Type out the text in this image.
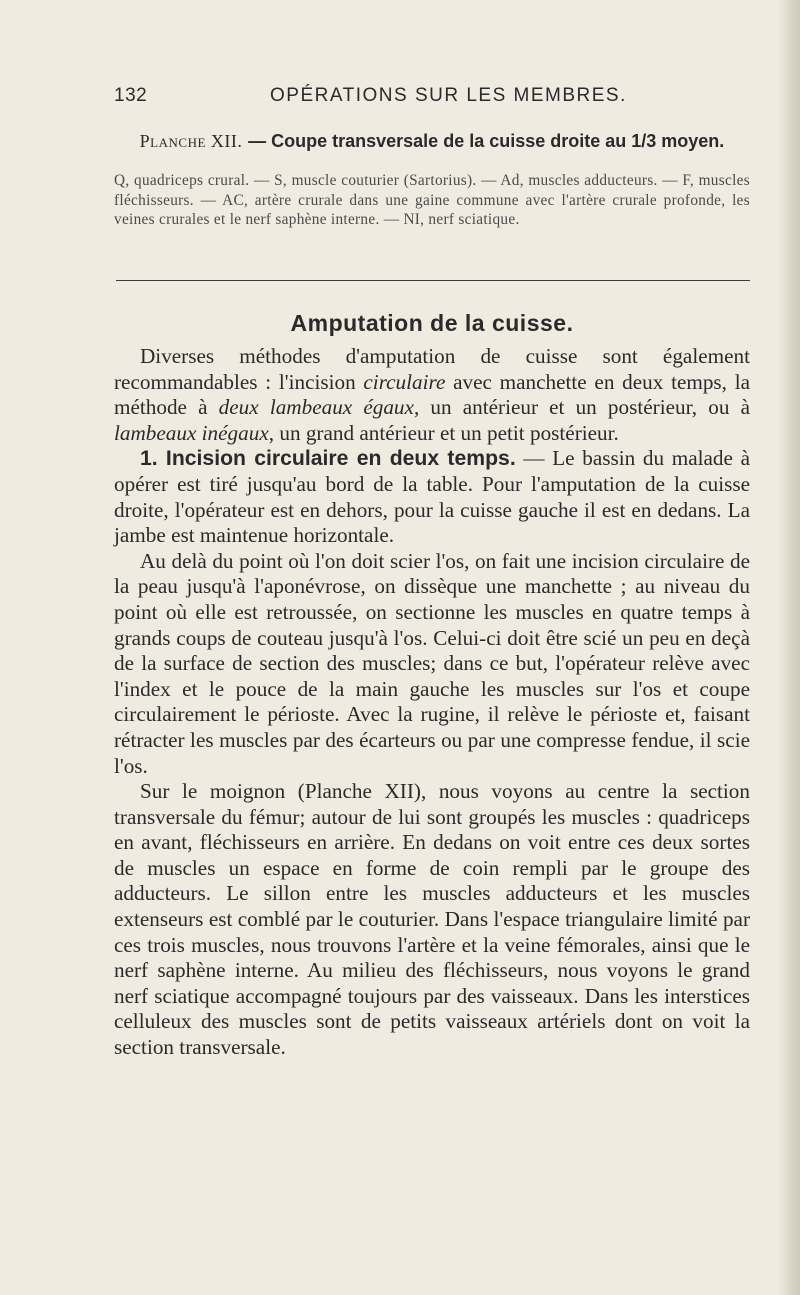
132	OPÉRATIONS SUR LES MEMBRES.
Planche XII. — Coupe transversale de la cuisse droite au 1/3 moyen.

Q, quadriceps crural. — S, muscle couturier (Sartorius). — Ad, muscles adducteurs. — F, muscles fléchisseurs. — AC, artère crurale dans une gaine commune avec l'artère crurale profonde, les veines crurales et le nerf saphène interne. — NI, nerf sciatique.

Amputation de la cuisse.

Diverses méthodes d'amputation de cuisse sont également recommandables : l'incision circulaire avec manchette en deux temps, la méthode à deux lambeaux égaux, un antérieur et un postérieur, ou à lambeaux inégaux, un grand antérieur et un petit postérieur.

1. Incision circulaire en deux temps. — Le bassin du malade à opérer est tiré jusqu'au bord de la table. Pour l'amputation de la cuisse droite, l'opérateur est en dehors, pour la cuisse gauche il est en dedans. La jambe est maintenue horizontale.

Au delà du point où l'on doit scier l'os, on fait une incision circulaire de la peau jusqu'à l'aponévrose, on dissèque une manchette ; au niveau du point où elle est retroussée, on sectionne les muscles en quatre temps à grands coups de couteau jusqu'à l'os. Celui-ci doit être scié un peu en deçà de la surface de section des muscles; dans ce but, l'opérateur relève avec l'index et le pouce de la main gauche les muscles sur l'os et coupe circulairement le périoste. Avec la rugine, il relève le périoste et, faisant rétracter les muscles par des écarteurs ou par une compresse fendue, il scie l'os.

Sur le moignon (Planche XII), nous voyons au centre la section transversale du fémur; autour de lui sont groupés les muscles : quadriceps en avant, fléchisseurs en arrière. En dedans on voit entre ces deux sortes de muscles un espace en forme de coin rempli par le groupe des adducteurs. Le sillon entre les muscles adducteurs et les muscles extenseurs est comblé par le couturier. Dans l'espace triangulaire limité par ces trois muscles, nous trouvons l'artère et la veine fémorales, ainsi que le nerf saphène interne. Au milieu des fléchisseurs, nous voyons le grand nerf sciatique accompagné toujours par des vaisseaux. Dans les interstices celluleux des muscles sont de petits vaisseaux artériels dont on voit la section transversale.
